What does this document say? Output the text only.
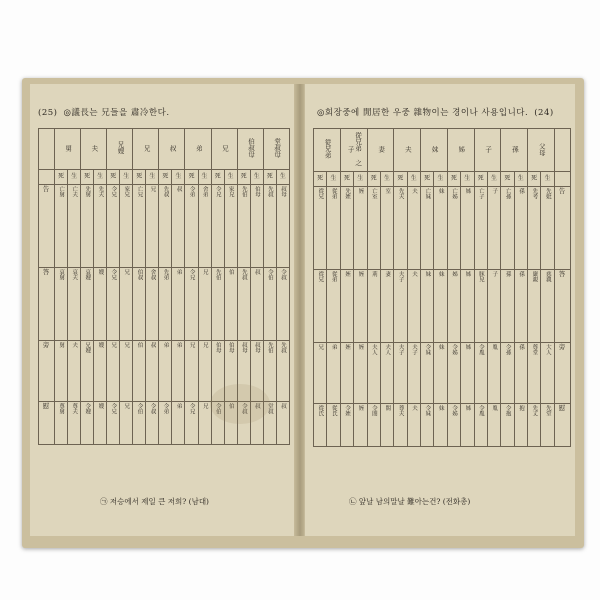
(25) ◎議長는 兄들을 肅冷한다.
	舅		夫		兄嫂		兄		叔		弟		兄		伯叔母		堂叔母	
	死	生	死	生	死	生	死	生	死	生	死	生	死	生	死	生	死	生
告	亡舅	亡夫	先舅	先夫	令兄	家兄	亡兄	兄	先叔	叔	令弟	舍弟	令兄	家兄	先伯	伯母	先叔	叔母
答	哀舅	哀夫	哀嫂	嫂	令兄	兄	伯叔	舍叔	先弟	弟	令兄	兄	先伯	伯	先叔	叔	令伯	令叔
旁	舅	夫	兄嫂	嫂	兄	兄	伯	叔	弟	弟	兄	兄	伯母	伯母	叔母	叔母	先伯	先叔
慰	尊舅	尊夫	令嫂	嫂	令兄	兄	令伯	令叔	令弟	弟	令兄	兄	令伯	伯	令叔	叔	堂叔	叔
㉠ 저승에서 제일 큰 저희? (남대)
◎회장중에 閒居한 우중 雜物이는 경이나 사용입니다. (24)
從兄弟		從兄弟 之子		妻		夫		妹		姊		子		孫		父母		
死	生	死	生	死	生	死	生	死	生	死	生	死	生	死	生	死	生	
從兄	從弟	先姪	姪	亡室	室	先夫	夫	亡妹	妹	亡姊	姊	亡子	子	亡孫	孫	先考	先妣	告
從兄	從弟	姪	姪	荊	妻	夫子	夫	妹	妹	姊	姊	豚兒	子	孫	孫	嚴親	慈親	答
兄	弟	姪	姪	夫人	夫人	夫子	夫子	令妹	妹	令姊	姊	令胤	胤	令孫	孫	尊堂	大人	旁
從氏	從氏	令姪	姪	令閤	閤	尊夫	夫	令妹	妹	令姊	姊	令胤	胤	令抱	抱	先丈	先堂	慰
㉡ 앞날 남의말날 難아는건? (전화총)
